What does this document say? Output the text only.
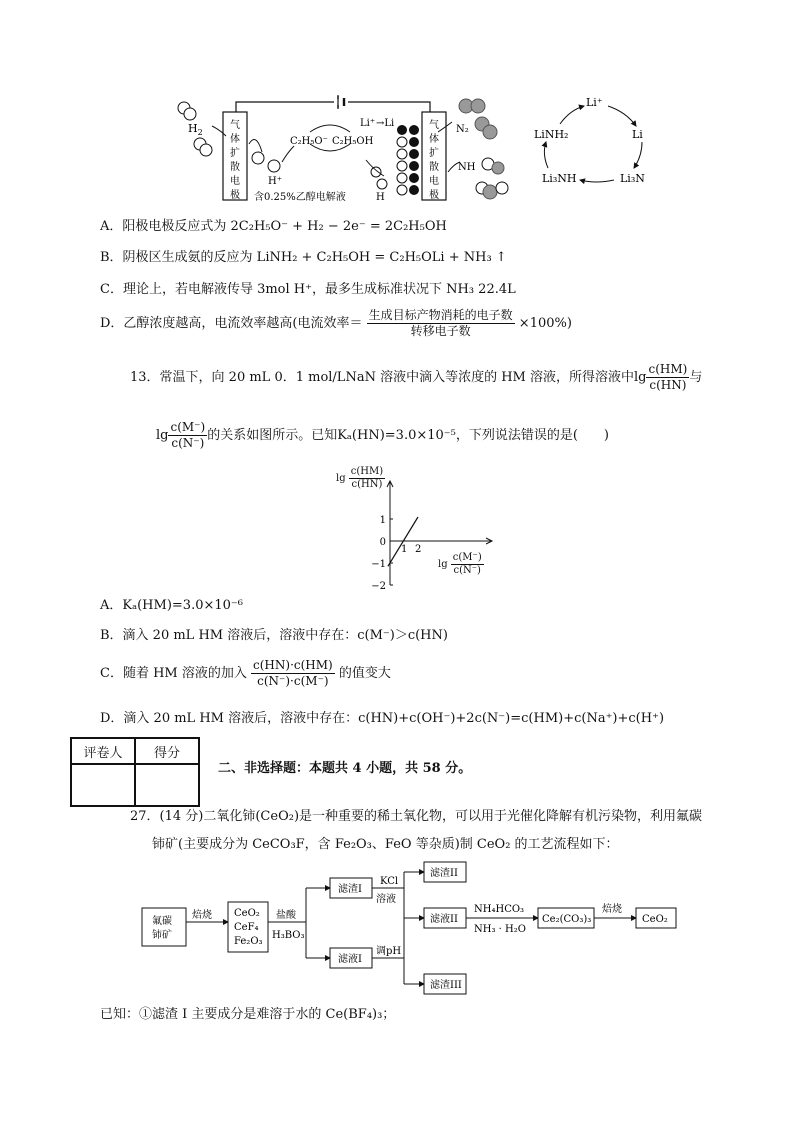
$H_2$
气
体
扩
散
电
极
气
体
扩
散
电
极
C₂H₅O⁻ C₂H₅OH
Li⁺ →Li
H⁺
含0.25%乙醇电解液	H
N₂
NH
Li⁺
Li
Li₃N
Li₃NH
LiNH₂
A．阳极电极反应式为 2C₂H₅O⁻ + H₂ − 2e⁻ = 2C₂H₅OH
B．阴极区生成氨的反应为 LiNH₂ + C₂H₅OH = C₂H₅OLi + NH₃ ↑
C．理论上，若电解液传导 3mol H⁺，最多生成标准状况下 NH₃ 22.4L
D．乙醇浓度越高，电流效率越高(电流效率＝ $\frac{\text{生成目标产物消耗的电子数}}{\text{转移电子数}} \times 100\%$)
13．常温下，向 20 mL 0．1 mol/LNaN 溶液中滴入等浓度的 HM 溶液，所得溶液中$\lg \frac{c(HM)}{c(HN)}$ 与
$\lg \frac{c(M^-)}{c(N^-)}$ 的关系如图所示。已知Kₐ(HN)=3.0×10⁻⁵，下列说法错误的是(　　)
$\lg \frac{c(HM)}{c(HN)}$
1
0
−1
−2
1 2
$\lg \frac{c(M^-)}{c(N^-)}$
A．Kₐ(HM)=3.0×10⁻⁶
B．滴入 20 mL HM 溶液后，溶液中存在：c(M⁻)＞c(HN)
C．随着 HM 溶液的加入 $\frac{c(HN)\cdot c(HM)}{c(N^-)\cdot c(M^-)}$ 的值变大
D．滴入 20 mL HM 溶液后，溶液中存在：c(HN)+c(OH⁻)+2c(N⁻)=c(HM)+c(Na⁺)+c(H⁺)
评卷人	得分

二、非选择题：本题共 4 小题，共 58 分。
27．(14 分)二氧化铈(CeO₂)是一种重要的稀土氧化物，可以用于光催化降解有机污染物，利用氟碳
铈矿(主要成分为 CeCO₃F，含 Fe₂O₃、FeO 等杂质)制 CeO₂ 的工艺流程如下：
氟碳
铈矿
焙烧 CeO₂
CeF₄
Fe₂O₃
盐酸
H₃BO₃
滤渣I
滤液I
KCl
溶液
滤渣II
滤液II
调pH
滤渣III
NH₄HCO₃
NH₃ · H₂O
Ce₂(CO₃)₃
焙烧
CeO₂
已知：①滤渣 I 主要成分是难溶于水的 Ce(BF₄)₃；
